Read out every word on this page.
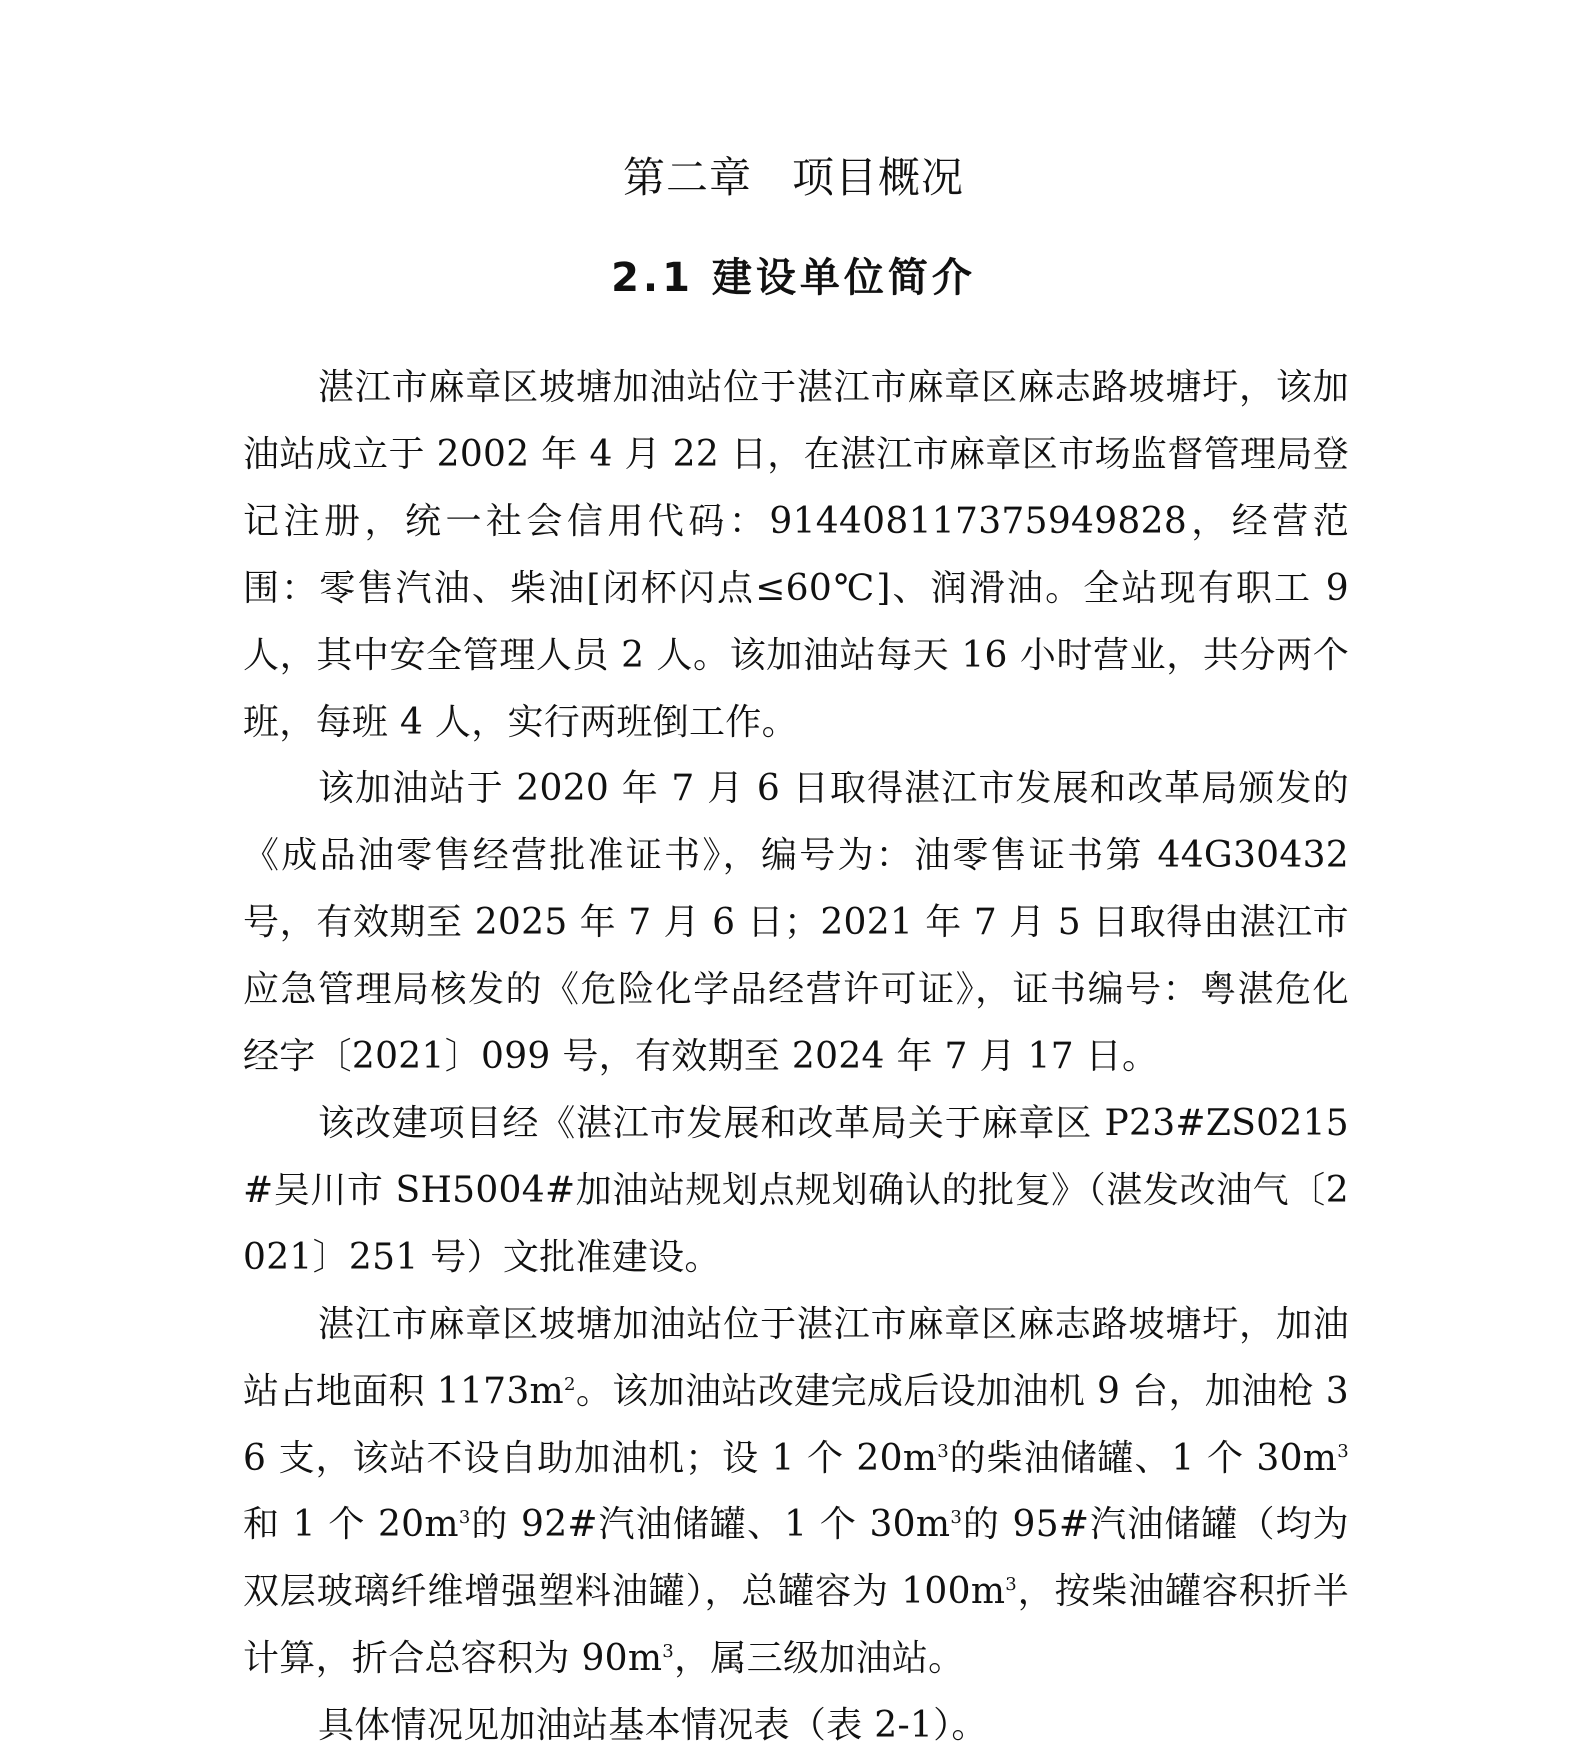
第二章 项目概况
2.1 建设单位简介

湛江市麻章区坡塘加油站位于湛江市麻章区麻志路坡塘圩，该加油站成立于 2002 年 4 月 22 日，在湛江市麻章区市场监督管理局登记注册，统一社会信用代码：914408117375949828，经营范围：零售汽油、柴油[闭杯闪点≤60℃]、润滑油。全站现有职工 9 人，其中安全管理人员 2 人。该加油站每天 16 小时营业，共分两个班，每班 4 人，实行两班倒工作。

该加油站于 2020 年 7 月 6 日取得湛江市发展和改革局颁发的《成品油零售经营批准证书》，编号为：油零售证书第 44G30432 号，有效期至 2025 年 7 月 6 日；2021 年 7 月 5 日取得由湛江市应急管理局核发的《危险化学品经营许可证》，证书编号：粤湛危化经字〔2021〕099 号，有效期至 2024 年 7 月 17 日。

该改建项目经《湛江市发展和改革局关于麻章区 P23#ZS0215#吴川市 SH5004#加油站规划点规划确认的批复》（湛发改油气〔2021〕251 号）文批准建设。

湛江市麻章区坡塘加油站位于湛江市麻章区麻志路坡塘圩，加油站占地面积 $1173m^2$。该加油站改建完成后设加油机 9 台，加油枪 36 支，该站不设自助加油机；设 1 个 $20m^3$的柴油储罐、1 个 $30m^3$和 1 个 $20m^3$的 92#汽油储罐、1 个 $30m^3$的 95#汽油储罐（均为双层玻璃纤维增强塑料油罐），总罐容为 $100m^3$，按柴油罐容积折半计算，折合总容积为 $90m^3$，属三级加油站。

具体情况见加油站基本情况表（表 2-1）。
